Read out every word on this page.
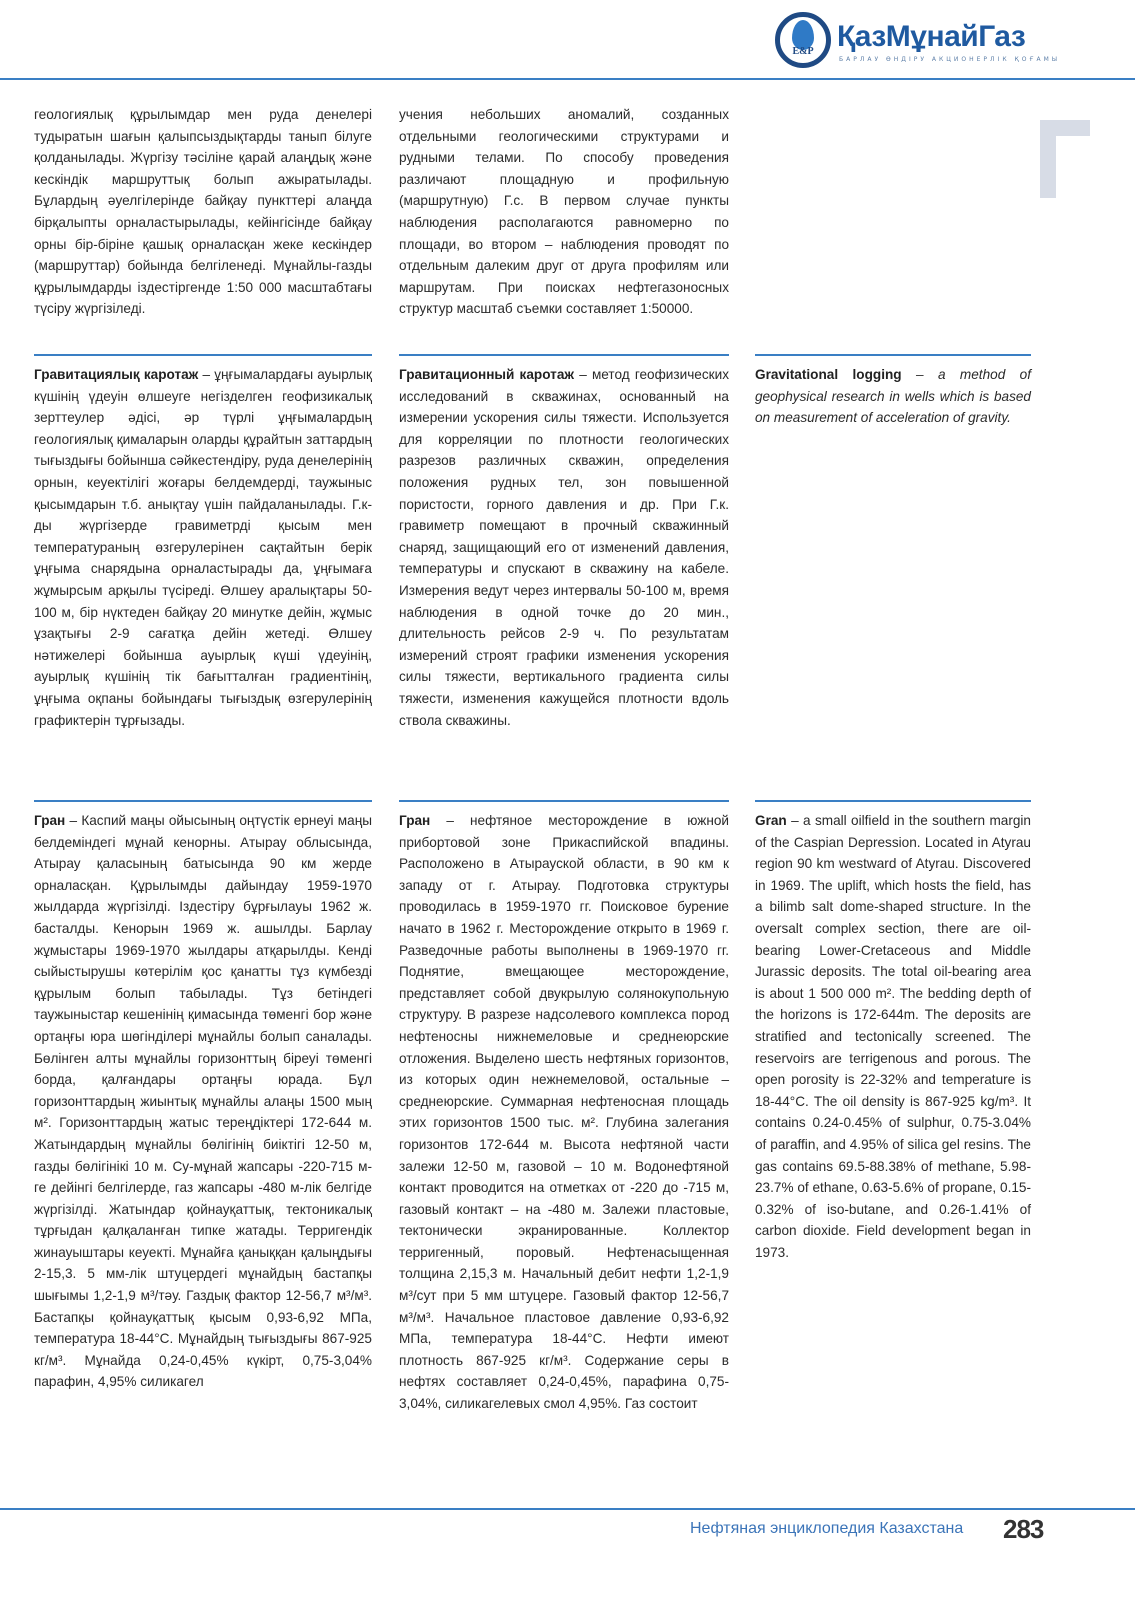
E&P ҚазМұнайГаз
БАРЛАУ ӨНДІРУ АКЦИОНЕРЛІК ҚОҒАМЫ

геологиялық құрылымдар мен руда денелері тудыратын шағын қалыпсыздықтарды танып білуге қолданылады. Жүргізу тәсіліне қарай алаңдық және кескіндік маршруттық болып ажыратылады. Бұлардың әуелгілерінде байқау пункттері алаңда бірқалыпты орналастырылады, кейінгісінде байқау орны бір-біріне қашық орналасқан жеке кескіндер (маршруттар) бойында белгіленеді. Мұнайлы-газды құрылымдарды іздестіргенде 1:50 000 масштабтағы түсіру жүргізіледі.

учения небольших аномалий, созданных отдельными геологическими структурами и рудными телами. По способу проведения различают площадную и профильную (маршрутную) Г.с. В первом случае пункты наблюдения располагаются равномерно по площади, во втором – наблюдения проводят по отдельным далеким друг от друга профилям или маршрутам. При поисках нефтегазоносных структур масштаб съемки составляет 1:50000.

Гравитациялық каротаж – ұңғымалардағы ауырлық күшінің үдеуін өлшеуге негізделген геофизикалық зерттеулер әдісі, әр түрлі ұңғымалардың геологиялық қималарын оларды құрайтын заттардың тығыздығы бойынша сәйкестендіру, руда денелерінің орнын, кеуектілігі жоғары белдемдерді, таужыныс қысымдарын т.б. анықтау үшін пайдаланылады. Г.к-ды жүргізерде гравиметрді қысым мен температураның өзгерулерінен сақтайтын берік ұңғыма снарядына орналастырады да, ұңғымаға жұмырсым арқылы түсіреді. Өлшеу аралықтары 50-100 м, бір нүктеден байқау 20 минутке дейін, жұмыс ұзақтығы 2-9 сағатқа дейін жетеді. Өлшеу нәтижелері бойынша ауырлық күші үдеуінің, ауырлық күшінің тік бағытталған градиентінің, ұңғыма оқпаны бойындағы тығыздық өзгерулерінің графиктерін тұрғызады.

Гравитационный каротаж – метод геофизических исследований в скважинах, основанный на измерении ускорения силы тяжести. Используется для корреляции по плотности геологических разрезов различных скважин, определения положения рудных тел, зон повышенной пористости, горного давления и др. При Г.к. гравиметр помещают в прочный скважинный снаряд, защищающий его от изменений давления, температуры и спускают в скважину на кабеле. Измерения ведут через интервалы 50-100 м, время наблюдения в одной точке до 20 мин., длительность рейсов 2-9 ч. По результатам измерений строят графики изменения ускорения силы тяжести, вертикального градиента силы тяжести, изменения кажущейся плотности вдоль ствола скважины.

Gravitational logging – a method of geophysical research in wells which is based on measurement of acceleration of gravity.

Гран – Каспий маңы ойысының оңтүстік ернеуі маңы белдеміндегі мұнай кенорны. Атырау облысында, Атырау қаласының батысында 90 км жерде орналасқан. Құрылымды дайындау 1959-1970 жылдарда жүргізілді. Іздестіру бұрғылауы 1962 ж. басталды. Кенорын 1969 ж. ашылды. Барлау жұмыстары 1969-1970 жылдары атқарылды. Кенді сыйыстырушы көтерілім қос қанатты тұз күмбезді құрылым болып табылады. Тұз бетіндегі таужыныстар кешенінің қимасында төменгі бор және ортаңғы юра шөгінділері мұнайлы болып саналады. Бөлінген алты мұнайлы горизонттың біреуі төменгі борда, қалғандары ортаңғы юрада. Бұл горизонттардың жиынтық мұнайлы алаңы 1500 мың м². Горизонттардың жатыс тереңдіктері 172-644 м. Жатындардың мұнайлы бөлігінің биіктігі 12-50 м, газды бөлігінікі 10 м. Су-мұнай жапсары -220-715 м-ге дейінгі белгілерде, газ жапсары -480 м-лік белгіде жүргізілді. Жатындар қойнауқаттық, тектоникалық тұрғыдан қалқаланған типке жатады. Терригендік жинауыштары кеуекті. Мұнайға қаныққан қалыңдығы 2-15,3. 5 мм-лік штуцердегі мұнайдың бастапқы шығымы 1,2-1,9 м³/тәу. Газдық фактор 12-56,7 м³/м³. Бастапқы қойнауқаттық қысым 0,93-6,92 МПа, температура 18-44°С. Мұнайдың тығыздығы 867-925 кг/м³. Мұнайда 0,24-0,45% күкірт, 0,75-3,04% парафин, 4,95% силикагел

Гран – нефтяное месторождение в южной прибортовой зоне Прикаспийской впадины. Расположено в Атырауской области, в 90 км к западу от г. Атырау. Подготовка структуры проводилась в 1959-1970 гг. Поисковое бурение начато в 1962 г. Месторождение открыто в 1969 г. Разведочные работы выполнены в 1969-1970 гг. Поднятие, вмещающее месторождение, представляет собой двукрылую солянокупольную структуру. В разрезе надсолевого комплекса пород нефтеносны нижнемеловые и среднеюрские отложения. Выделено шесть нефтяных горизонтов, из которых один нежнемеловой, остальные – среднеюрские. Суммарная нефтеносная площадь этих горизонтов 1500 тыс. м². Глубина залегания горизонтов 172-644 м. Высота нефтяной части залежи 12-50 м, газовой – 10 м. Водонефтяной контакт проводится на отметках от -220 до -715 м, газовый контакт – на -480 м. Залежи пластовые, тектонически экранированные. Коллектор терригенный, поровый. Нефтенасыщенная толщина 2,15,3 м. Начальный дебит нефти 1,2-1,9 м³/сут при 5 мм штуцере. Газовый фактор 12-56,7 м³/м³. Начальное пластовое давление 0,93-6,92 МПа, температура 18-44°С. Нефти имеют плотность 867-925 кг/м³. Содержание серы в нефтях составляет 0,24-0,45%, парафина 0,75-3,04%, силикагелевых смол 4,95%. Газ состоит

Gran – a small oilfield in the southern margin of the Caspian Depression. Located in Atyrau region 90 km westward of Atyrau. Discovered in 1969. The uplift, which hosts the field, has a bilimb salt dome-shaped structure. In the oversalt complex section, there are oil-bearing Lower-Cretaceous and Middle Jurassic deposits. The total oil-bearing area is about 1 500 000 m². The bedding depth of the horizons is 172-644m. The deposits are stratified and tectonically screened. The reservoirs are terrigenous and porous. The open porosity is 22-32% and temperature is 18-44°C. The oil density is 867-925 kg/m³. It contains 0.24-0.45% of sulphur, 0.75-3.04% of paraffin, and 4.95% of silica gel resins. The gas contains 69.5-88.38% of methane, 5.98-23.7% of ethane, 0.63-5.6% of propane, 0.15-0.32% of iso-butane, and 0.26-1.41% of carbon dioxide. Field development began in 1973.

Нефтяная энциклопедия Казахстана 283
